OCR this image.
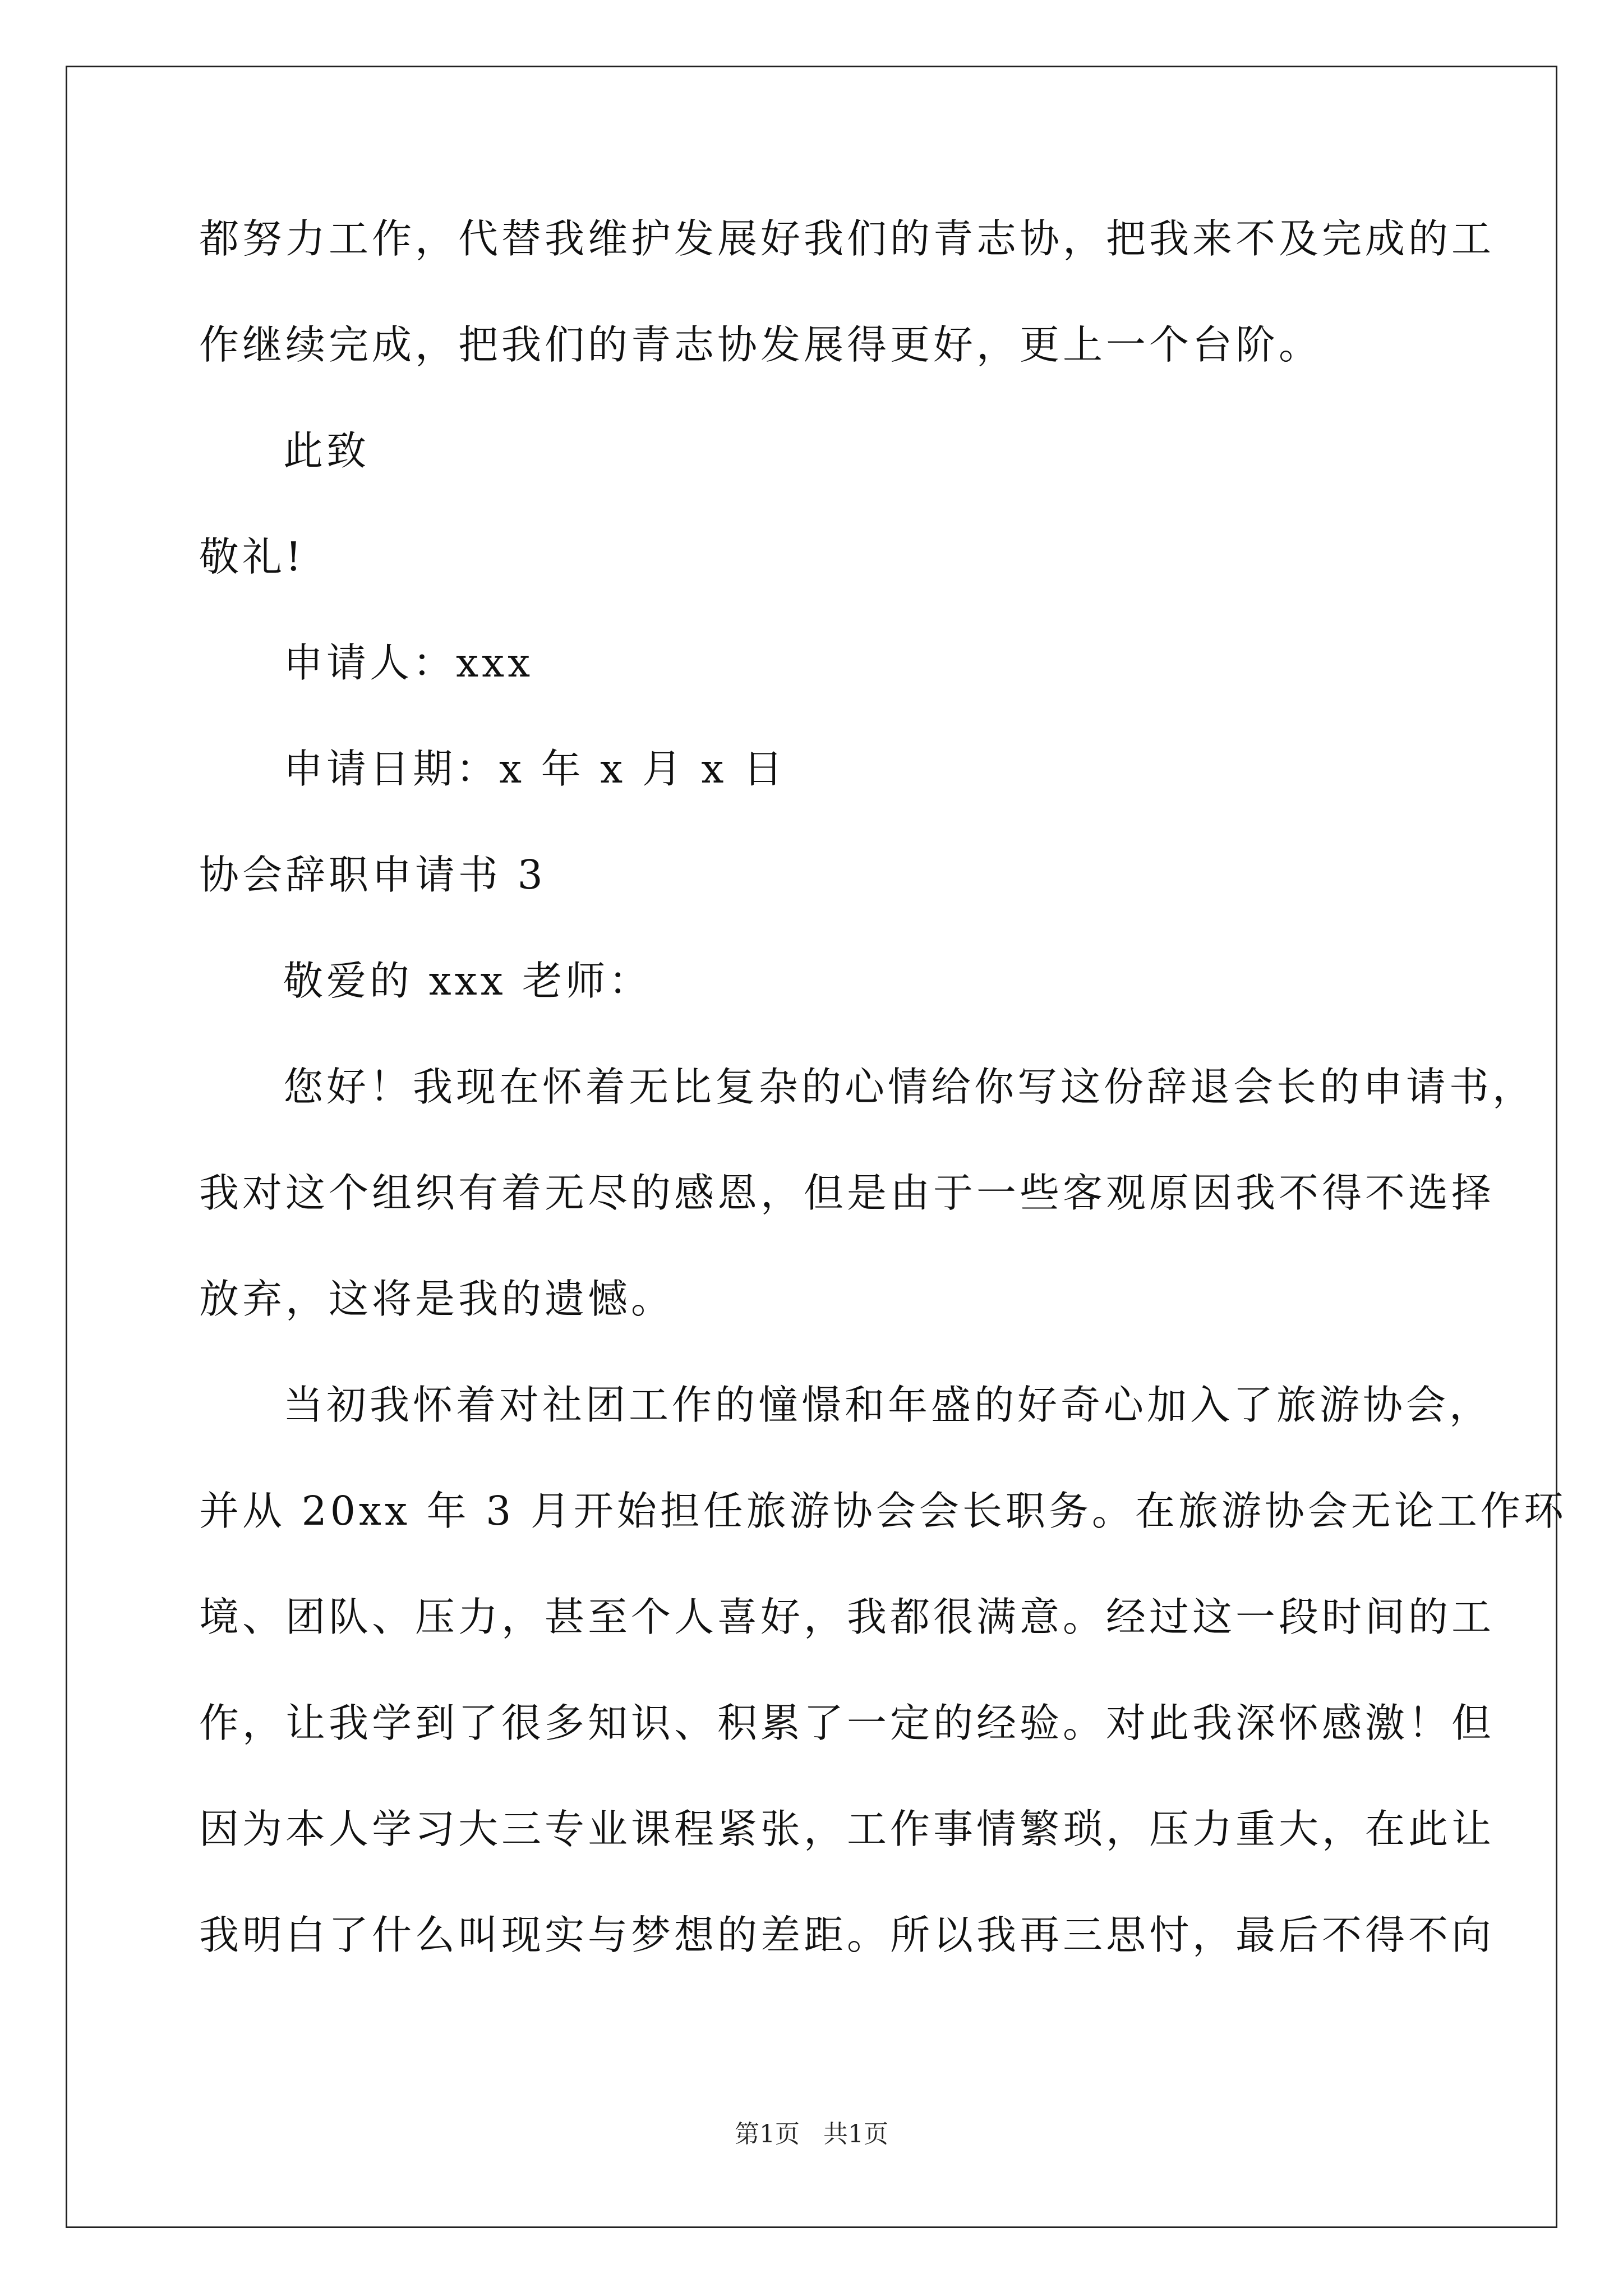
都努力工作，代替我维护发展好我们的青志协，把我来不及完成的工

作继续完成，把我们的青志协发展得更好，更上一个台阶。

此致

敬礼!

申请人：xxx

申请日期：x 年 x 月 x 日

协会辞职申请书 3

敬爱的 xxx 老师：

您好！我现在怀着无比复杂的心情给你写这份辞退会长的申请书，

我对这个组织有着无尽的感恩，但是由于一些客观原因我不得不选择

放弃，这将是我的遗憾。

当初我怀着对社团工作的憧憬和年盛的好奇心加入了旅游协会，

并从 20xx 年 3 月开始担任旅游协会会长职务。在旅游协会无论工作环

境、团队、压力，甚至个人喜好，我都很满意。经过这一段时间的工

作，让我学到了很多知识、积累了一定的经验。对此我深怀感激！但

因为本人学习大三专业课程紧张，工作事情繁琐，压力重大，在此让

我明白了什么叫现实与梦想的差距。所以我再三思忖，最后不得不向

第1页 共1页
